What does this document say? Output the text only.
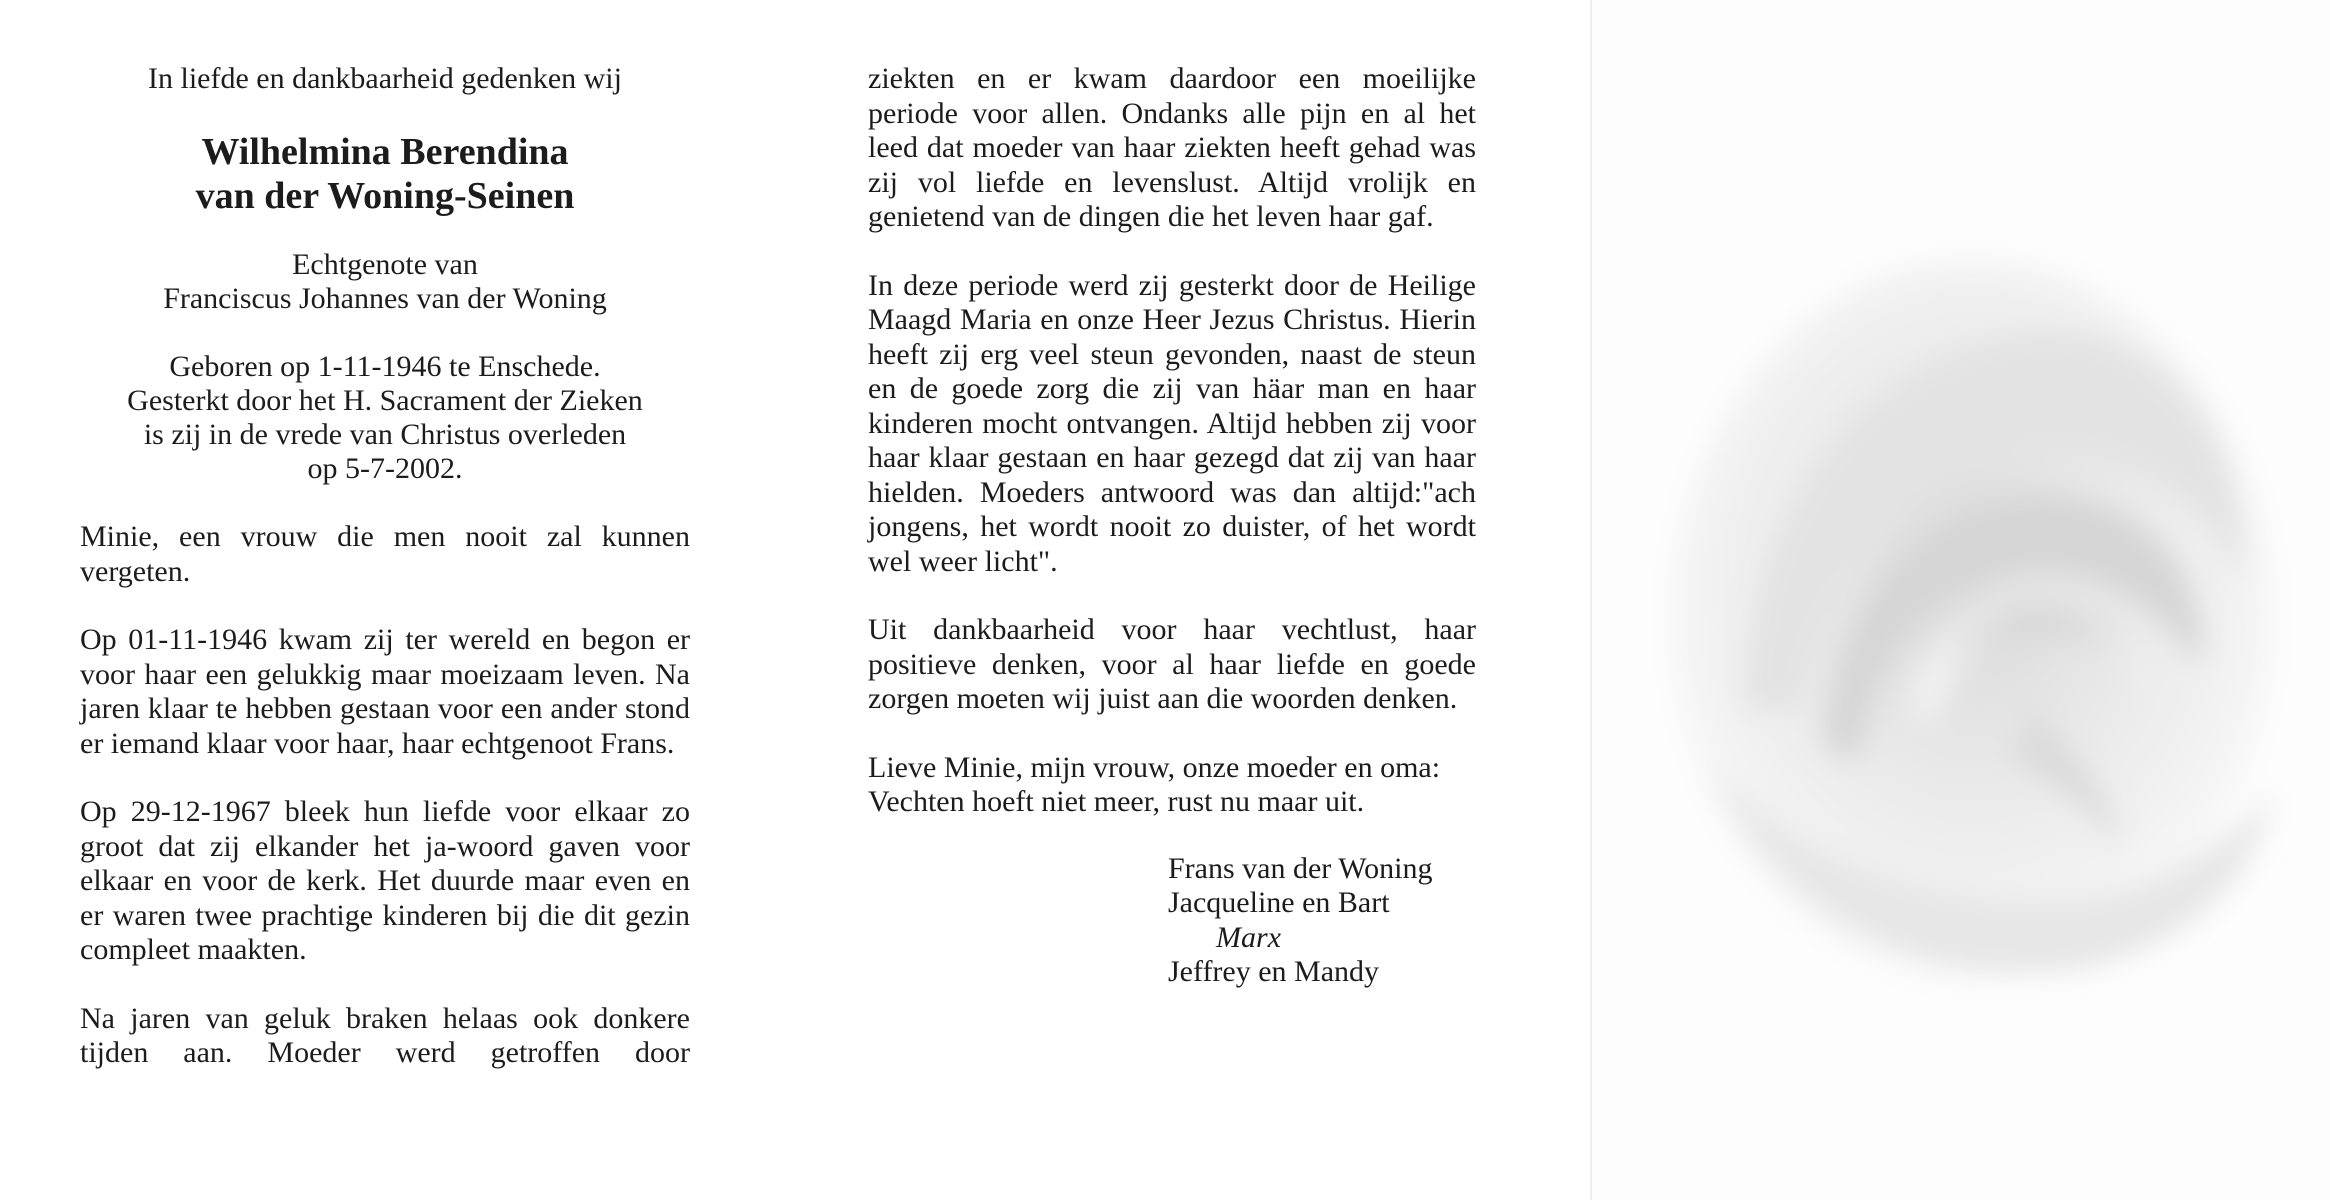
In liefde en dankbaarheid gedenken wij

Wilhelmina Berendina
van der Woning-Seinen
Echtgenote van
Franciscus Johannes van der Woning
Geboren op 1-11-1946 te Enschede.
Gesterkt door het H. Sacrament der Zieken
is zij in de vrede van Christus overleden
op 5-7-2002.

Minie, een vrouw die men nooit zal kunnen vergeten.

Op 01-11-1946 kwam zij ter wereld en begon er voor haar een gelukkig maar moeizaam leven. Na jaren klaar te hebben gestaan voor een ander stond er iemand klaar voor haar, haar echtgenoot Frans.

Op 29-12-1967 bleek hun liefde voor elkaar zo groot dat zij elkander het ja-woord gaven voor elkaar en voor de kerk. Het duurde maar even en er waren twee prachtige kinderen bij die dit gezin compleet maakten.

Na jaren van geluk braken helaas ook donkere tijden aan. Moeder werd getroffen door

ziekten en er kwam daardoor een moeilijke periode voor allen. Ondanks alle pijn en al het leed dat moeder van haar ziekten heeft gehad was zij vol liefde en levenslust. Altijd vrolijk en genietend van de dingen die het leven haar gaf.

In deze periode werd zij gesterkt door de Heilige Maagd Maria en onze Heer Jezus Christus. Hierin heeft zij erg veel steun gevonden, naast de steun en de goede zorg die zij van häar man en haar kinderen mocht ontvangen. Altijd hebben zij voor haar klaar gestaan en haar gezegd dat zij van haar hielden. Moeders antwoord was dan altijd:"ach jongens, het wordt nooit zo duister, of het wordt wel weer licht".

Uit dankbaarheid voor haar vechtlust, haar positieve denken, voor al haar liefde en goede zorgen moeten wij juist aan die woorden denken.

Lieve Minie, mijn vrouw, onze moeder en oma:
Vechten hoeft niet meer, rust nu maar uit.
Frans van der Woning
Jacqueline en Bart
Marx
Jeffrey en Mandy
